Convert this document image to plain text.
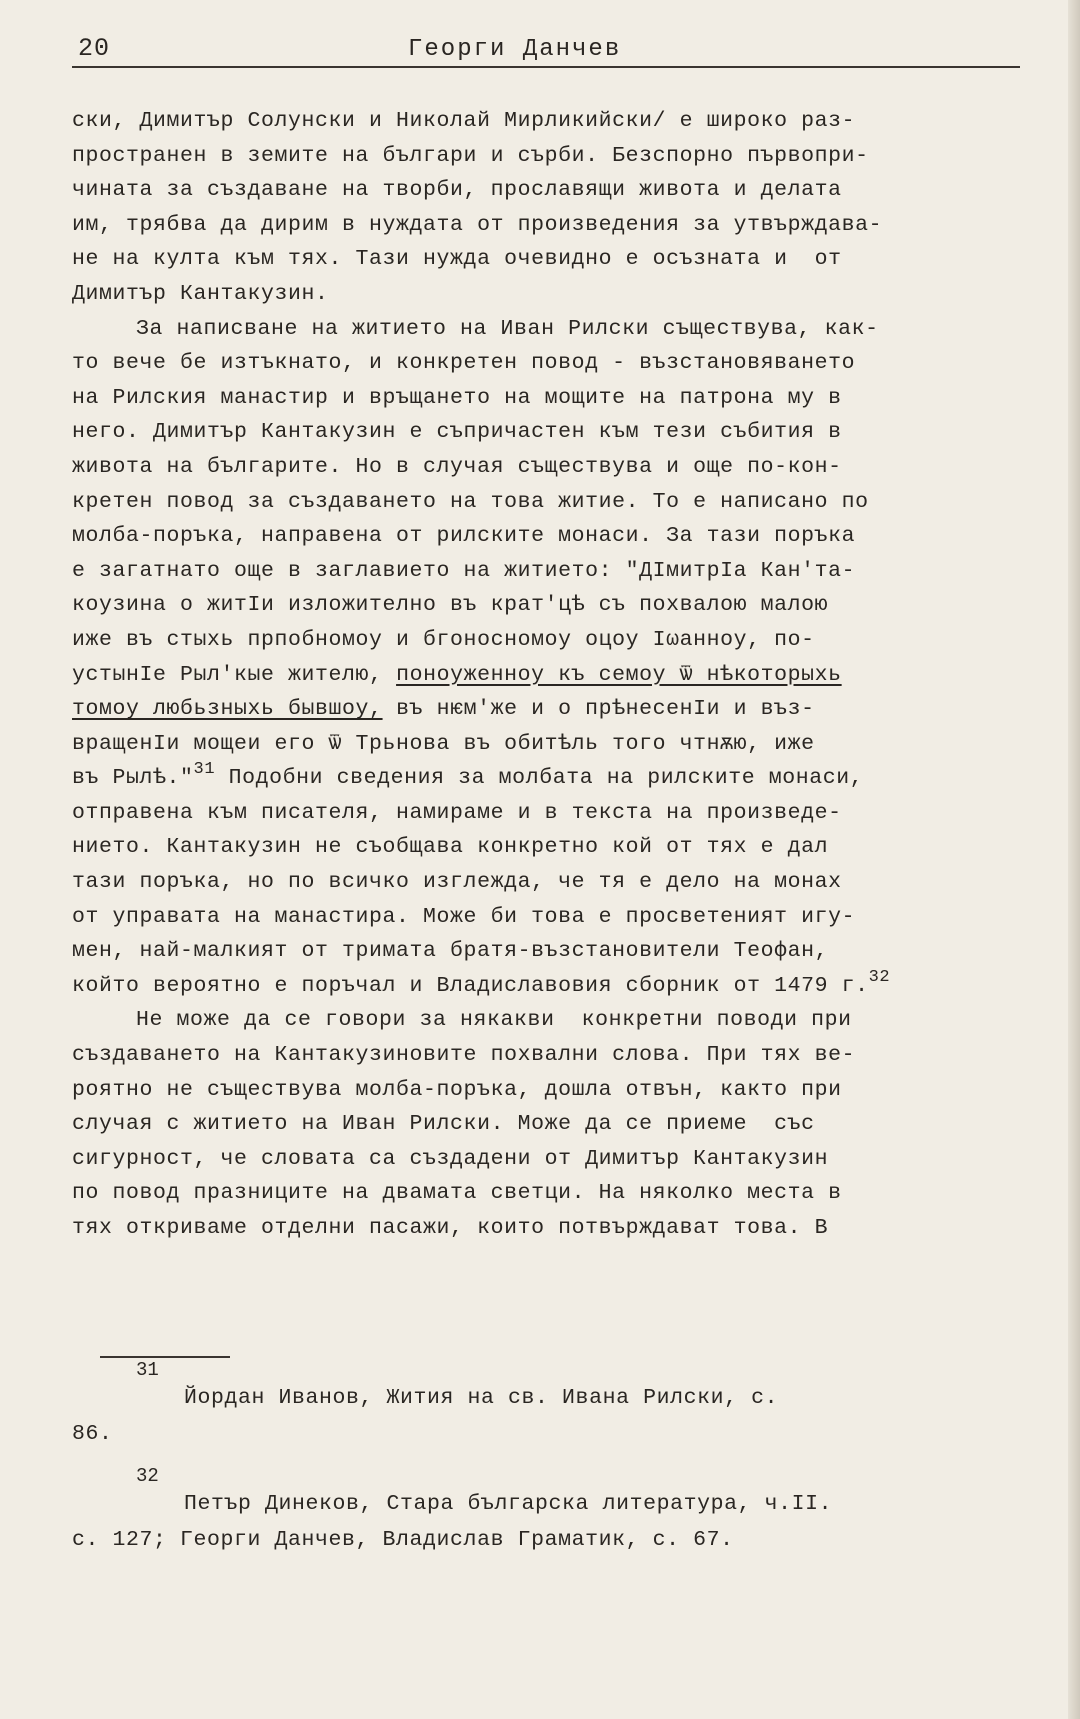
20	Георги Данчев
ски, Димитър Солунски и Николай Мирликийски/ е широко раз-
пространен в земите на българи и сърби. Безспорно първопри-
чината за създаване на творби, прославящи живота и делата
им, трябва да дирим в нуждата от произведения за утвърждава-
не на култа към тях. Тази нужда очевидно е осъзната и  от
Димитър Кантакузин.
За написване на житието на Иван Рилски съществува, как-
то вече бе изтъкнато, и конкретен повод - възстановяването
на Рилския манастир и връщането на мощите на патрона му в
него. Димитър Кантакузин е съпричастен към тези събития в
живота на българите. Но в случая съществува и още по-кон-
кретен повод за създаването на това житие. То е написано по
молба-поръка, направена от рилските монаси. За тази поръка
е загатнато още в заглавието на житието: "ДІмитрІа Кан'та-
коузина о житІи изложително въ крат'цѣ съ похвалою малою
иже въ стыхь прпобномоу и бгоносномоу оцоу Іωанноу, по-
устынІе Рыл'кые жителю, поноуженноу къ семоу ѿ нѣкоторыхь
томоу любьзныхь бывшоу, въ нѥм'же и о прѣнесенІи и въз-
вращенІи мощеи его ѿ Трьнова въ обитѣль того чтнѫю, иже
въ Рылѣ."$^{31}$ Подобни сведения за молбата на рилските монаси,
отправена към писателя, намираме и в текста на произведе-
нието. Кантакузин не съобщава конкретно кой от тях е дал
тази поръка, но по всичко изглежда, че тя е дело на монах
от управата на манастира. Може би това е просветеният игу-
мен, най-малкият от тримата братя-възстановители Теофан,
който вероятно е поръчал и Владиславовия сборник от 1479 г.$^{32}$
Не може да се говори за някакви  конкретни поводи при
създаването на Кантакузиновите похвални слова. При тях ве-
роятно не съществува молба-поръка, дошла отвън, както при
случая с житието на Иван Рилски. Може да се приеме  със
сигурност, че словата са създадени от Димитър Кантакузин
по повод празниците на двамата светци. На няколко места в
тях откриваме отделни пасажи, които потвърждават това. В
31
Йордан Иванов, Жития на св. Ивана Рилски, с.
86.
32
Петър Динеков, Стара българска литература, ч.ІІ.
с. 127; Георги Данчев, Владислав Граматик, с. 67.
